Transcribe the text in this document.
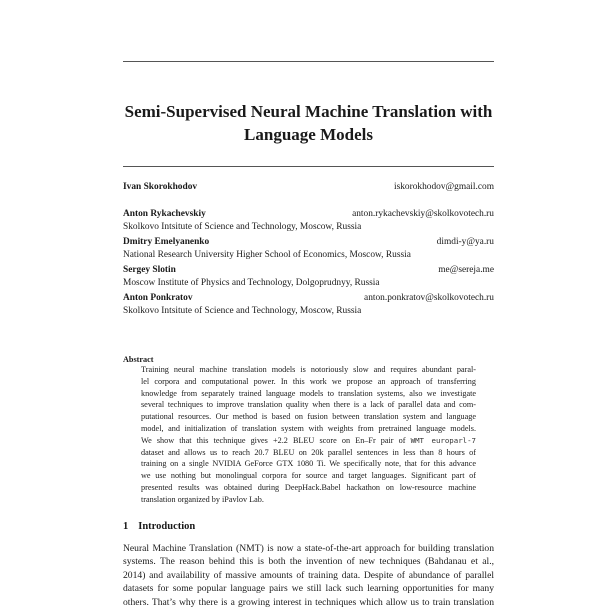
Semi-Supervised Neural Machine Translation with
Language Models
Ivan Skorokhodov	iskorokhodov@gmail.com
Anton Rykachevskiy	anton.rykachevskiy@skolkovotech.ru
Skolkovo Intsitute of Science and Technology, Moscow, Russia
Dmitry Emelyanenko	dimdi-y@ya.ru
National Research University Higher School of Economics, Moscow, Russia
Sergey Slotin	me@sereja.me
Moscow Institute of Physics and Technology, Dolgoprudnyy, Russia
Anton Ponkratov	anton.ponkratov@skolkovotech.ru
Skolkovo Intsitute of Science and Technology, Moscow, Russia
Abstract
Training neural machine translation models is notoriously slow and requires abundant paral-
lel corpora and computational power. In this work we propose an approach of transferring
knowledge from separately trained language models to translation systems, also we investigate
several techniques to improve translation quality when there is a lack of parallel data and com-
putational resources. Our method is based on fusion between translation system and language
model, and initialization of translation system with weights from pretrained language models.
We show that this technique gives +2.2 BLEU score on En–Fr pair of WMT europarl-7
dataset and allows us to reach 20.7 BLEU on 20k parallel sentences in less than 8 hours of
training on a single NVIDIA GeForce GTX 1080 Ti. We specifically note, that for this advance
we use nothing but monolingual corpora for source and target languages. Significant part of
presented results was obtained during DeepHack.Babel hackathon on low-resource machine
translation organized by iPavlov Lab.
1 Introduction
Neural Machine Translation (NMT) is now a state-of-the-art approach for building translation
systems. The reason behind this is both the invention of new techniques (Bahdanau et al.,
2014) and availability of massive amounts of training data. Despite of abundance of parallel
datasets for some popular language pairs we still lack such learning opportunities for many
others. That’s why there is a growing interest in techniques which allow us to train translation
